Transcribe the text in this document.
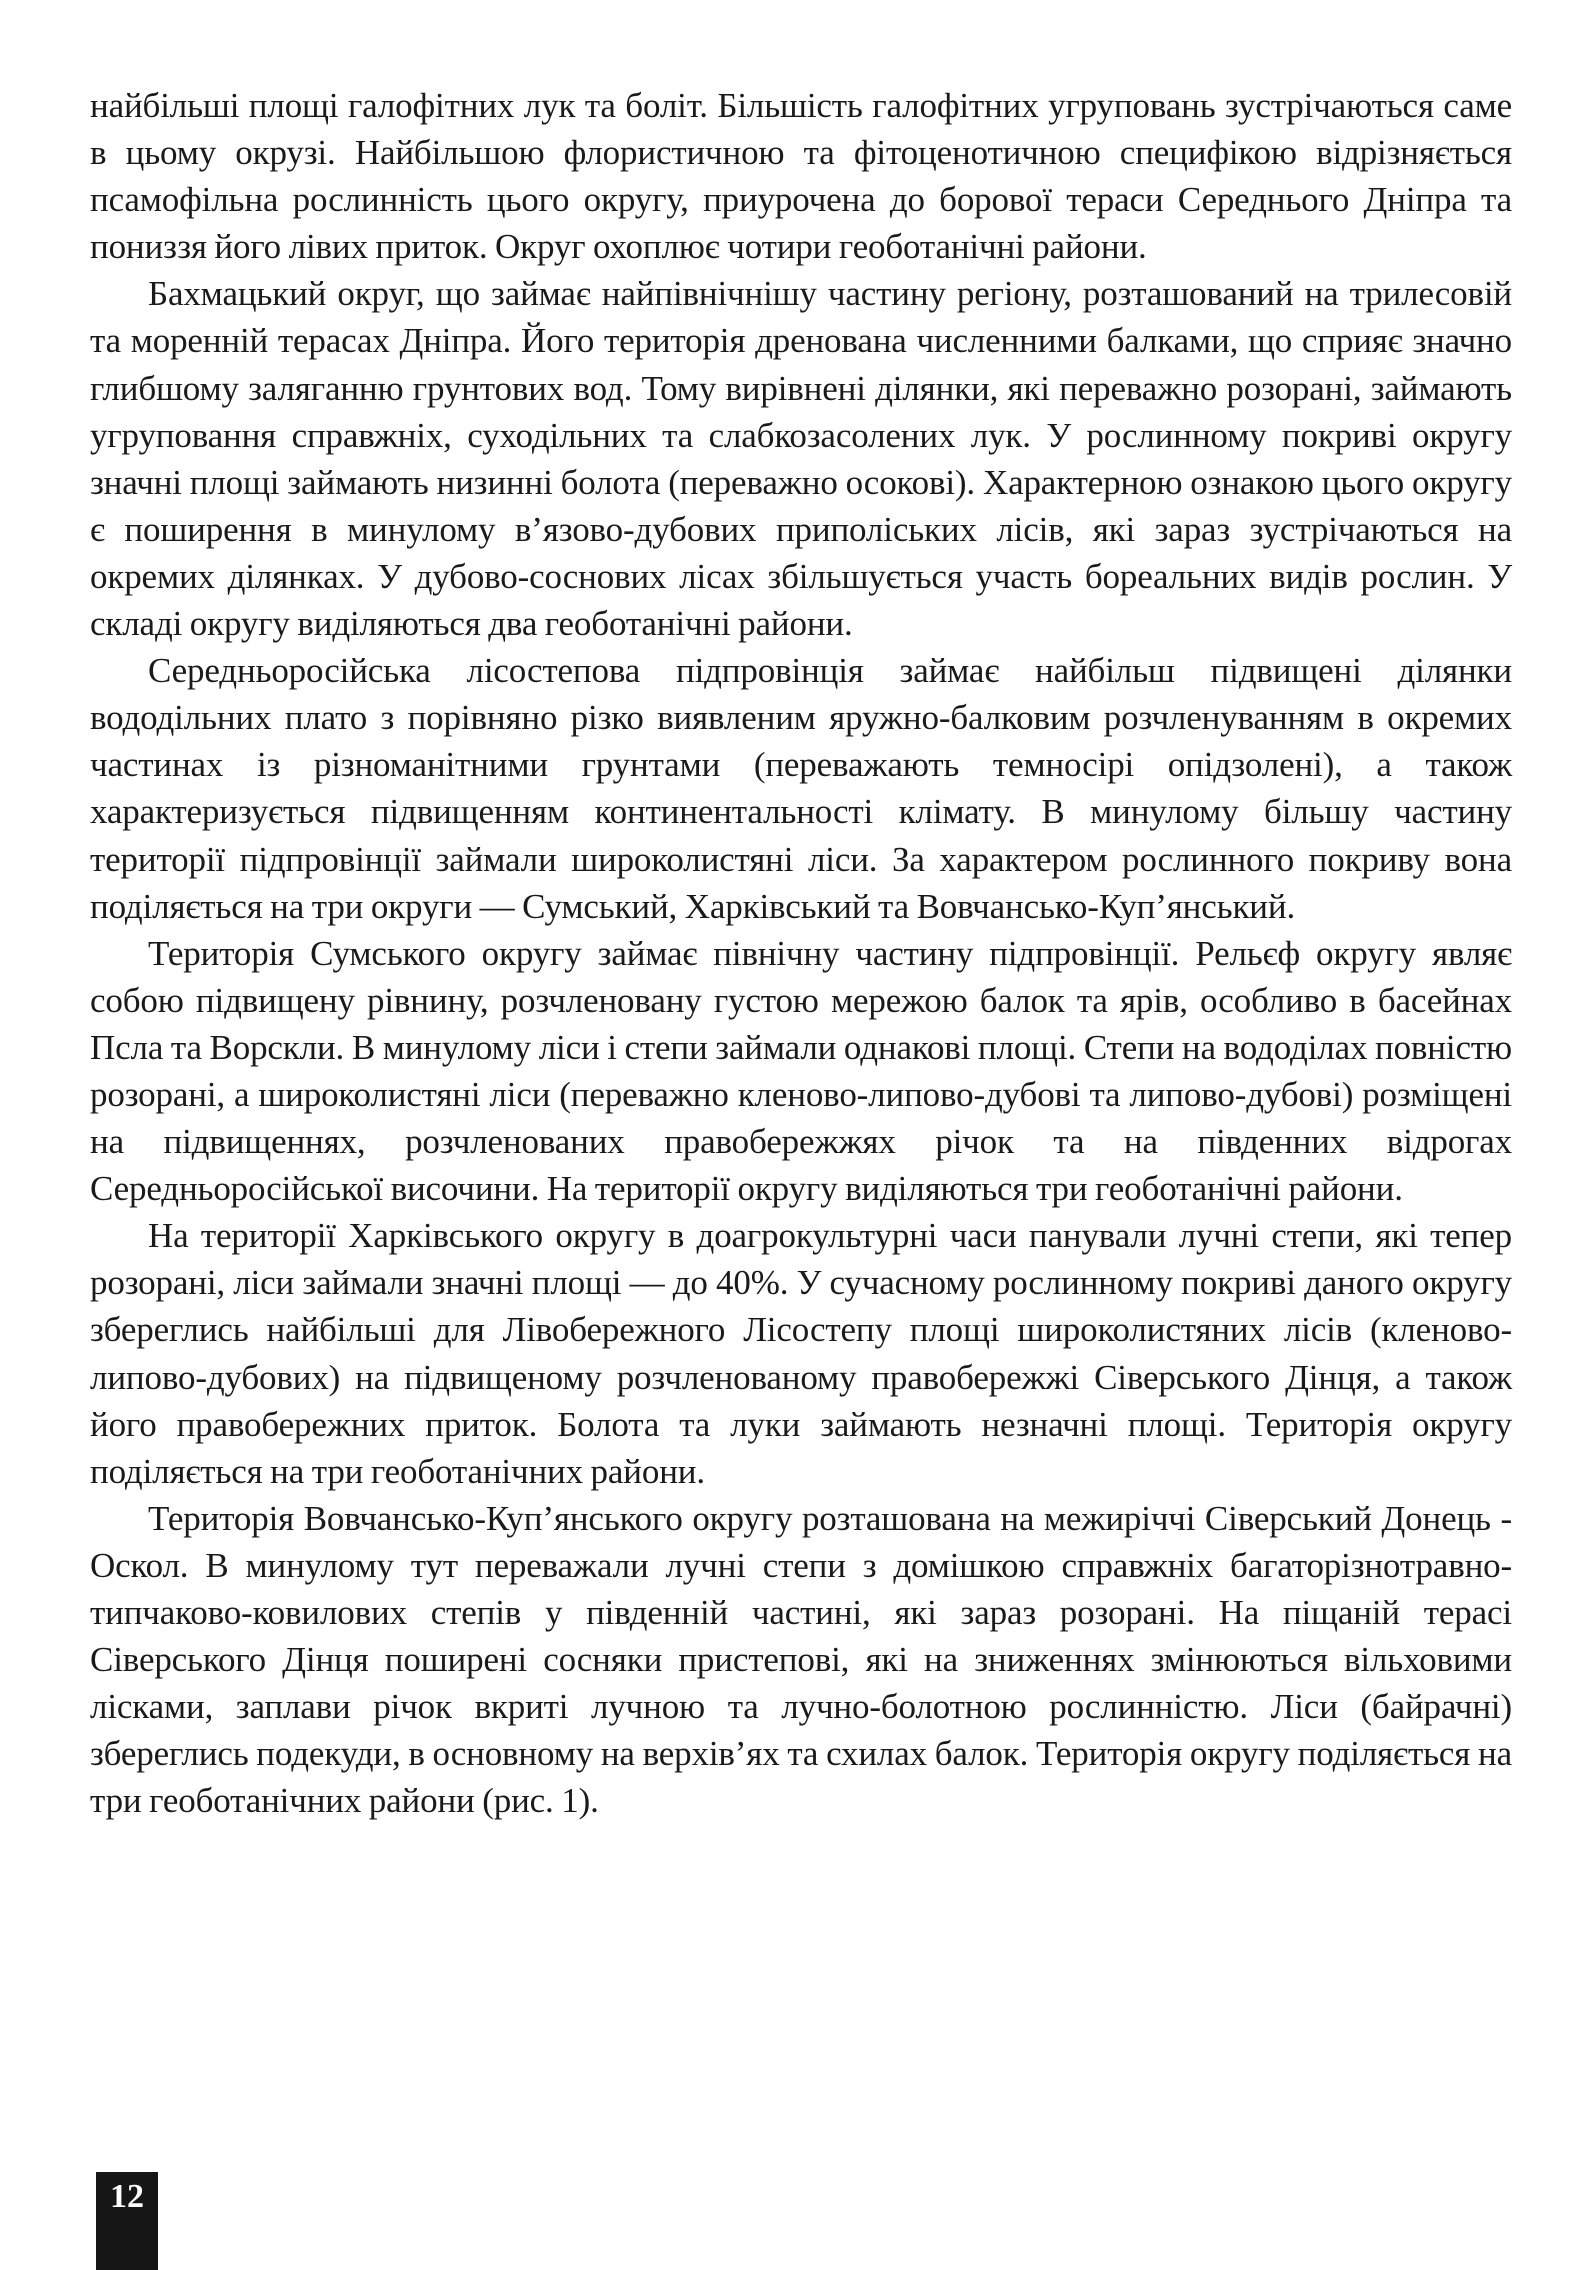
найбільші площі галофітних лук та боліт. Більшість галофітних угруповань зустрічаються саме в цьому окрузі. Найбільшою флористичною та фітоценотичною специфікою відрізняється псамофільна рослинність цього округу, приурочена до борової тераси Середнього Дніпра та пониззя його лівих приток. Округ охоплює чотири геоботанічні райони.

Бахмацький округ, що займає найпівнічнішу частину регіону, розташований на трилесовій та моренній терасах Дніпра. Його територія дренована численними балками, що сприяє значно глибшому заляганню грунтових вод. Тому вирівнені ділянки, які переважно розорані, займають угруповання справжніх, суходільних та слабкозасолених лук. У рослинному покриві округу значні площі займають низинні болота (переважно осокові). Характерною ознакою цього округу є поширення в минулому в’язово-дубових приполіських лісів, які зараз зустрічаються на окремих ділянках. У дубово-соснових лісах збільшується участь бореальних видів рослин. У складі округу виділяються два геоботанічні райони.

Середньоросійська лісостепова підпровінція займає найбільш підвищені ділянки вододільних плато з порівняно різко виявленим яружно-балковим розчленуванням в окремих частинах із різноманітними грунтами (переважають темносірі опідзолені), а також характеризується підвищенням континентальності клімату. В минулому більшу частину території підпровінції займали широколистяні ліси. За характером рослинного покриву вона поділяється на три округи — Сумський, Харківський та Вовчансько-Куп’янський.

Територія Сумського округу займає північну частину підпровінції. Рельєф округу являє собою підвищену рівнину, розчленовану густою мережою балок та ярів, особливо в басейнах Псла та Ворскли. В минулому ліси і степи займали однакові площі. Степи на вододілах повністю розорані, а широколистяні ліси (переважно кленово-липово-дубові та липово-дубові) розміщені на підвищеннях, розчленованих правобережжях річок та на південних відрогах Середньоросійської височини. На території округу виділяються три геоботанічні райони.

На території Харківського округу в доагрокультурні часи панували лучні степи, які тепер розорані, ліси займали значні площі — до 40%. У сучасному рослинному покриві даного округу збереглись найбільші для Лівобережного Лісостепу площі широколистяних лісів (кленово-липово-дубових) на підвищеному розчленованому правобережжі Сіверського Дінця, а також його правобережних приток. Болота та луки займають незначні площі. Територія округу поділяється на три геоботанічних райони.

Територія Вовчансько-Куп’янського округу розташована на межиріччі Сіверський Донець - Оскол. В минулому тут переважали лучні степи з домішкою справжніх багаторізнотравно-типчаково-ковилових степів у південній частині, які зараз розорані. На піщаній терасі Сіверського Дінця поширені сосняки пристепові, які на зниженнях змінюються вільховими лісками, заплави річок вкриті лучною та лучно-болотною рослинністю. Ліси (байрачні) збереглись подекуди, в основному на верхів’ях та схилах балок. Територія округу поділяється на три геоботанічних райони (рис. 1).

12
